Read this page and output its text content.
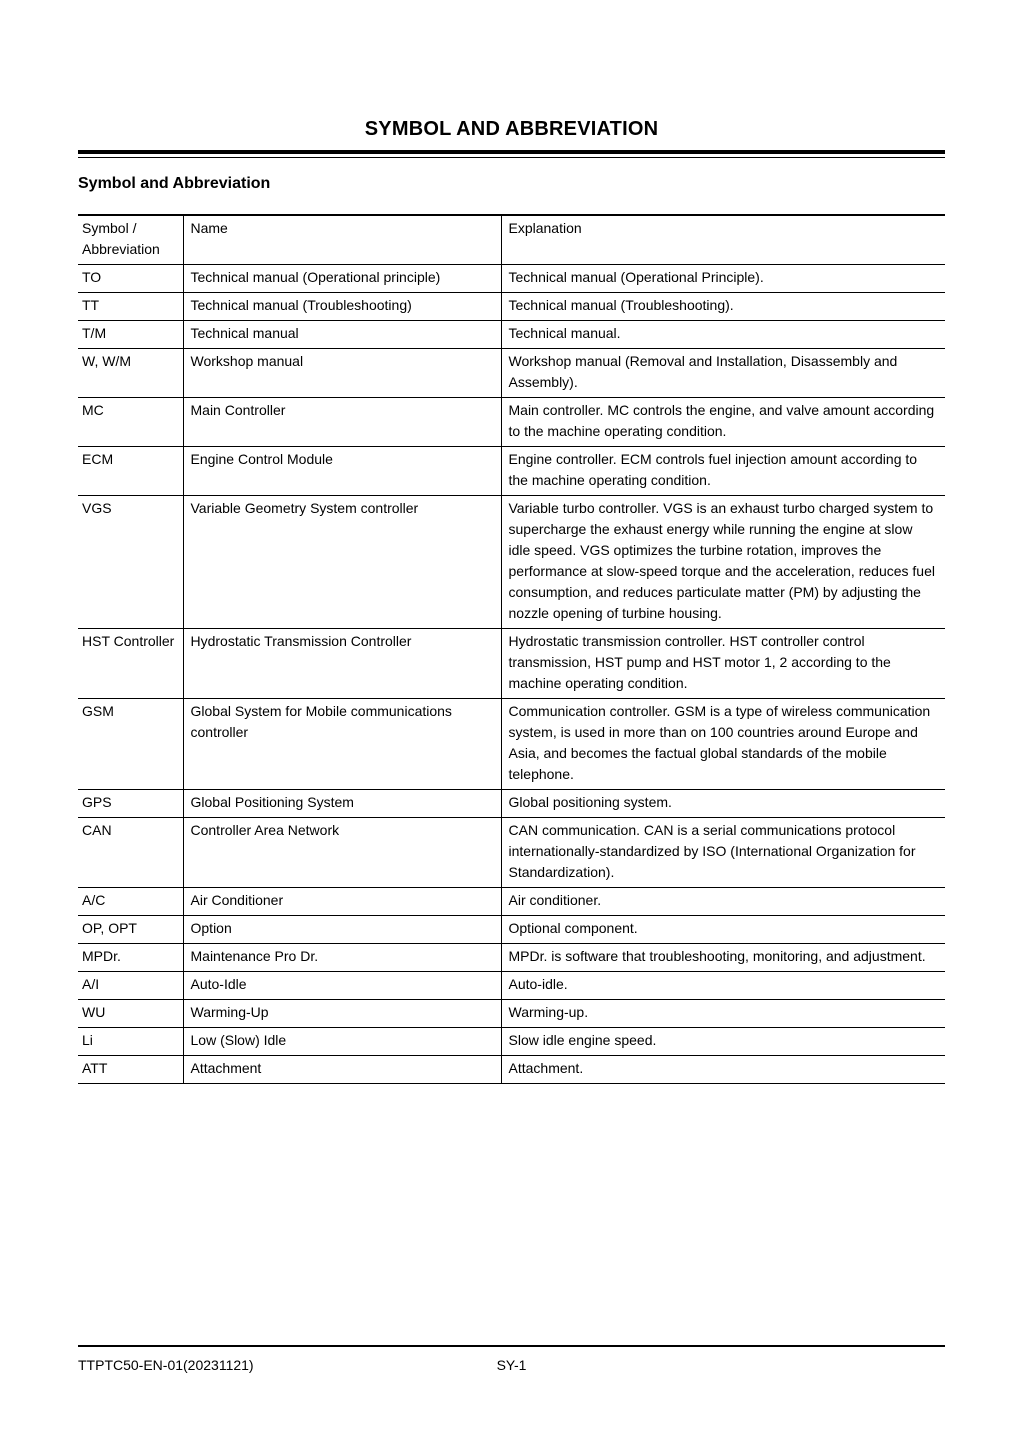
SYMBOL AND ABBREVIATION
Symbol and Abbreviation
Symbol / Abbreviation	Name	Explanation
TO	Technical manual (Operational principle)	Technical manual (Operational Principle).
TT	Technical manual (Troubleshooting)	Technical manual (Troubleshooting).
T/M	Technical manual	Technical manual.
W, W/M	Workshop manual	Workshop manual (Removal and Installation, Disassembly and Assembly).
MC	Main Controller	Main controller. MC controls the engine, and valve amount according to the machine operating condition.
ECM	Engine Control Module	Engine controller. ECM controls fuel injection amount according to the machine operating condition.
VGS	Variable Geometry System controller	Variable turbo controller. VGS is an exhaust turbo charged system to supercharge the exhaust energy while running the engine at slow idle speed. VGS optimizes the turbine rotation, improves the performance at slow-speed torque and the acceleration, reduces fuel consumption, and reduces particulate matter (PM) by adjusting the nozzle opening of turbine housing.
HST Controller	Hydrostatic Transmission Controller	Hydrostatic transmission controller. HST controller control transmission, HST pump and HST motor 1, 2 according to the machine operating condition.
GSM	Global System for Mobile communications controller	Communication controller. GSM is a type of wireless communication system, is used in more than on 100 countries around Europe and Asia, and becomes the factual global standards of the mobile telephone.
GPS	Global Positioning System	Global positioning system.
CAN	Controller Area Network	CAN communication. CAN is a serial communications protocol internationally-standardized by ISO (International Organization for Standardization).
A/C	Air Conditioner	Air conditioner.
OP, OPT	Option	Optional component.
MPDr.	Maintenance Pro Dr.	MPDr. is software that troubleshooting, monitoring, and adjustment.
A/I	Auto-Idle	Auto-idle.
WU	Warming-Up	Warming-up.
Li	Low (Slow) Idle	Slow idle engine speed.
ATT	Attachment	Attachment.
TTPTC50-EN-01(20231121)	SY-1
